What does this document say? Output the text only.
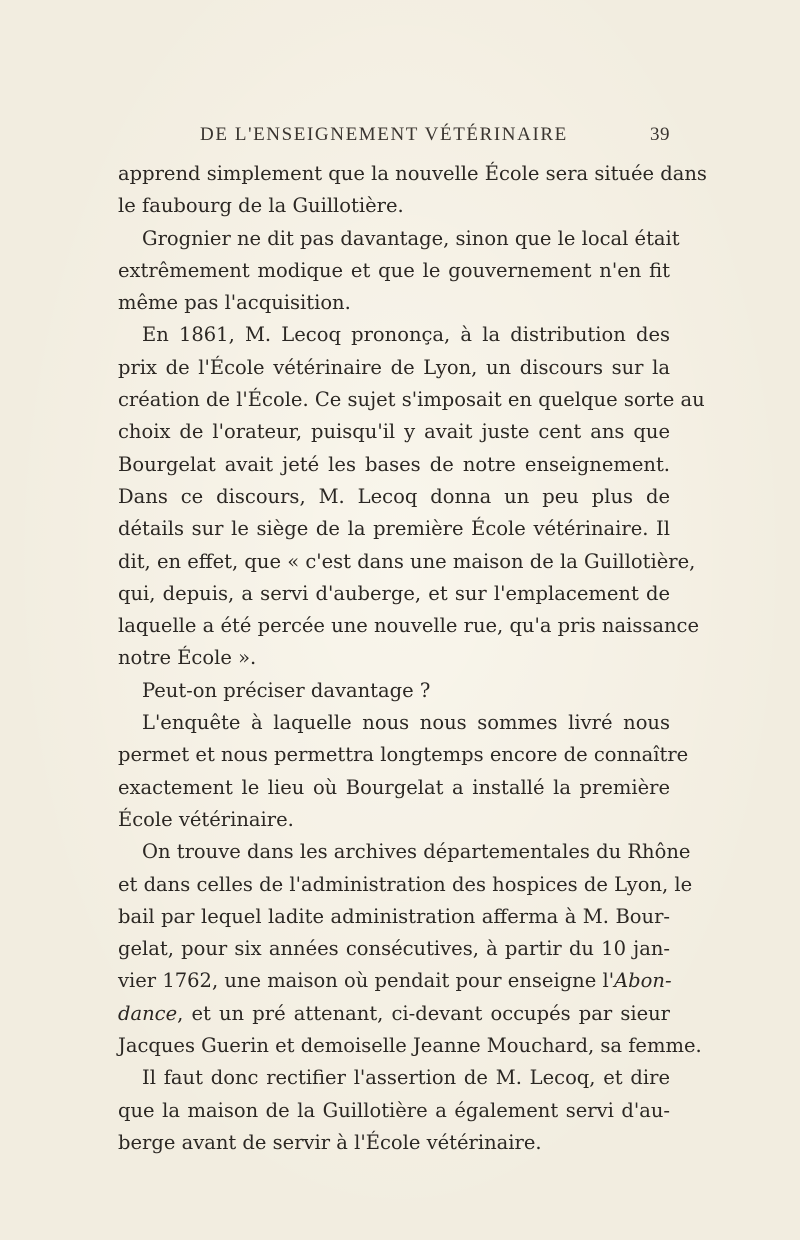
DE L'ENSEIGNEMENT VÉTÉRINAIRE	39
apprend simplement que la nouvelle École sera située dans
le faubourg de la Guillotière.
Grognier ne dit pas davantage, sinon que le local était
extrêmement modique et que le gouvernement n'en fit
même pas l'acquisition.
En 1861, M. Lecoq prononça, à la distribution des
prix de l'École vétérinaire de Lyon, un discours sur la
création de l'École. Ce sujet s'imposait en quelque sorte au
choix de l'orateur, puisqu'il y avait juste cent ans que
Bourgelat avait jeté les bases de notre enseignement.
Dans ce discours, M. Lecoq donna un peu plus de
détails sur le siège de la première École vétérinaire. Il
dit, en effet, que « c'est dans une maison de la Guillotière,
qui, depuis, a servi d'auberge, et sur l'emplacement de
laquelle a été percée une nouvelle rue, qu'a pris naissance
notre École ».
Peut-on préciser davantage ?
L'enquête à laquelle nous nous sommes livré nous
permet et nous permettra longtemps encore de connaître
exactement le lieu où Bourgelat a installé la première
École vétérinaire.
On trouve dans les archives départementales du Rhône
et dans celles de l'administration des hospices de Lyon, le
bail par lequel ladite administration afferma à M. Bour-
gelat, pour six années consécutives, à partir du 10 jan-
vier 1762, une maison où pendait pour enseigne l'Abon-
dance, et un pré attenant, ci-devant occupés par sieur
Jacques Guerin et demoiselle Jeanne Mouchard, sa femme.
Il faut donc rectifier l'assertion de M. Lecoq, et dire
que la maison de la Guillotière a également servi d'au-
berge avant de servir à l'École vétérinaire.
